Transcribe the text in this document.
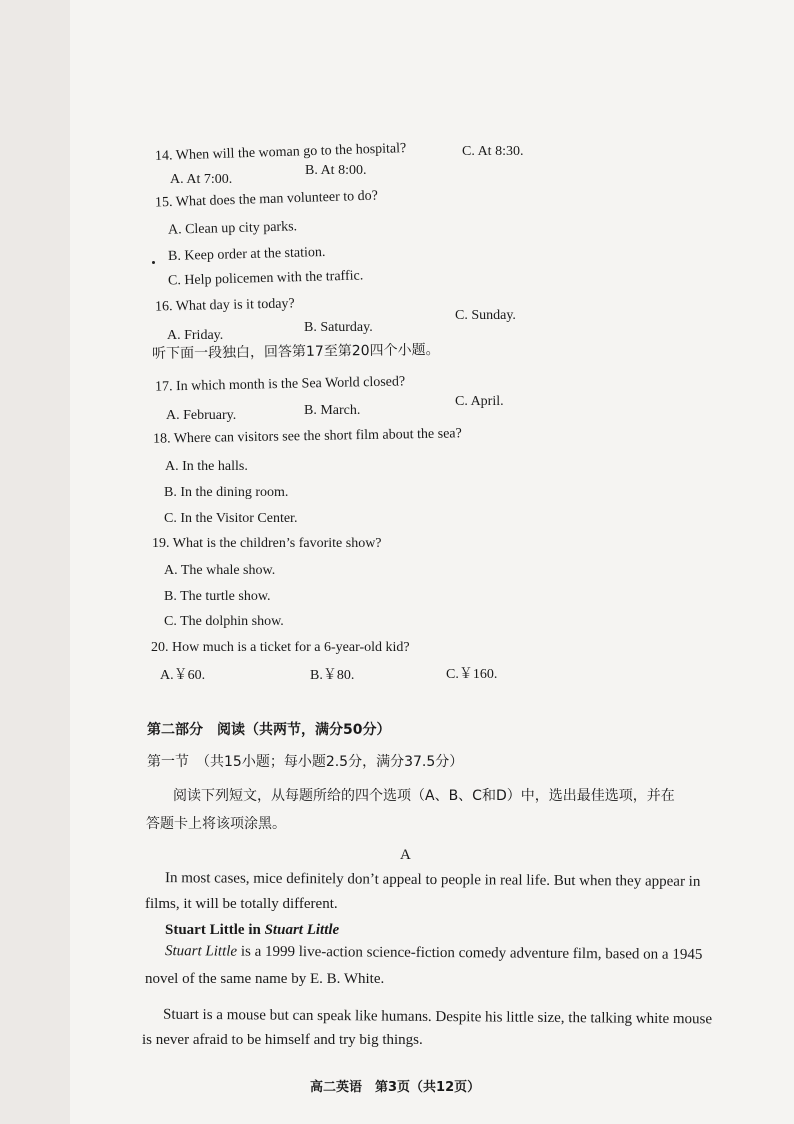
14. When will the woman go to the hospital?
A. At 7:00.
B. At 8:00.
C. At 8:30.
15. What does the man volunteer to do?
A. Clean up city parks.
B. Keep order at the station.
C. Help policemen with the traffic.
16. What day is it today?
A. Friday.
B. Saturday.
C. Sunday.
听下面一段独白，回答第17至第20四个小题。
17. In which month is the Sea World closed?
A. February.	B. March.
C. April.
18. Where can visitors see the short film about the sea?
A. In the halls.
B. In the dining room.
C. In the Visitor Center.
19. What is the children’s favorite show?
A. The whale show.
B. The turtle show.
C. The dolphin show.
20. How much is a ticket for a 6-year-old kid?
A.￥60.	B.￥80.	C.￥160.
第二部分　阅读（共两节，满分50分）
第一节　（共15小题；每小题2.5分，满分37.5分）
阅读下列短文，从每题所给的四个选项（A、B、C和D）中，选出最佳选项，并在
答题卡上将该项涂黑。
A
In most cases, mice definitely don’t appeal to people in real life. But when they appear in
films, it will be totally different.
Stuart Little in Stuart Little
Stuart Little is a 1999 live-action science-fiction comedy adventure film, based on a 1945
novel of the same name by E. B. White.
Stuart is a mouse but can speak like humans. Despite his little size, the talking white mouse
is never afraid to be himself and try big things.
高二英语　第3页（共12页）
